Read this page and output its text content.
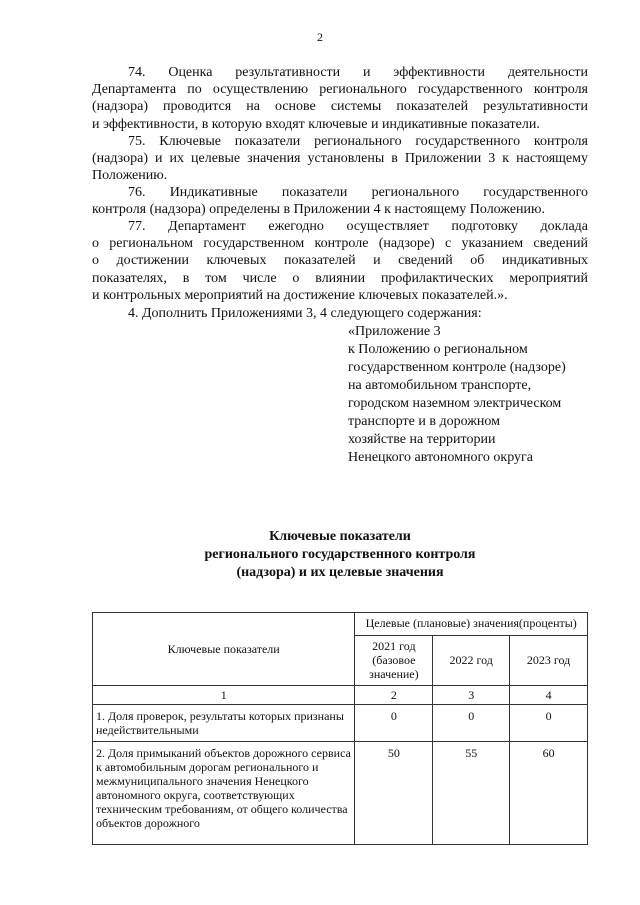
2
74. Оценка результативности и эффективности деятельности
Департамента по осуществлению регионального государственного контроля
(надзора) проводится на основе системы показателей результативности
и эффективности, в которую входят ключевые и индикативные показатели.
75. Ключевые показатели регионального государственного контроля
(надзора) и их целевые значения установлены в Приложении 3 к настоящему
Положению.
76. Индикативные показатели регионального государственного
контроля (надзора) определены в Приложении 4 к настоящему Положению.
77. Департамент ежегодно осуществляет подготовку доклада
о региональном государственном контроле (надзоре) с указанием сведений
о достижении ключевых показателей и сведений об индикативных
показателях, в том числе о влиянии профилактических мероприятий
и контрольных мероприятий на достижение ключевых показателей.».
4. Дополнить Приложениями 3, 4 следующего содержания:
«Приложение 3
к Положению о региональном
государственном контроле (надзоре)
на автомобильном транспорте,
городском наземном электрическом
транспорте и в дорожном
хозяйстве на территории
Ненецкого автономного округа
Ключевые показатели
регионального государственного контроля
(надзора) и их целевые значения
Ключевые показатели	Целевые (плановые) значения(проценты)		
	2021 год (базовое значение)	2022 год	2023 год
1	2	3	4
1. Доля проверок, результаты которых признаны недействительными	0	0	0
2. Доля примыканий объектов дорожного сервиса к автомобильным дорогам регионального и межмуниципального значения Ненецкого автономного округа, соответствующих техническим требованиям, от общего количества объектов дорожного	50	55	60
